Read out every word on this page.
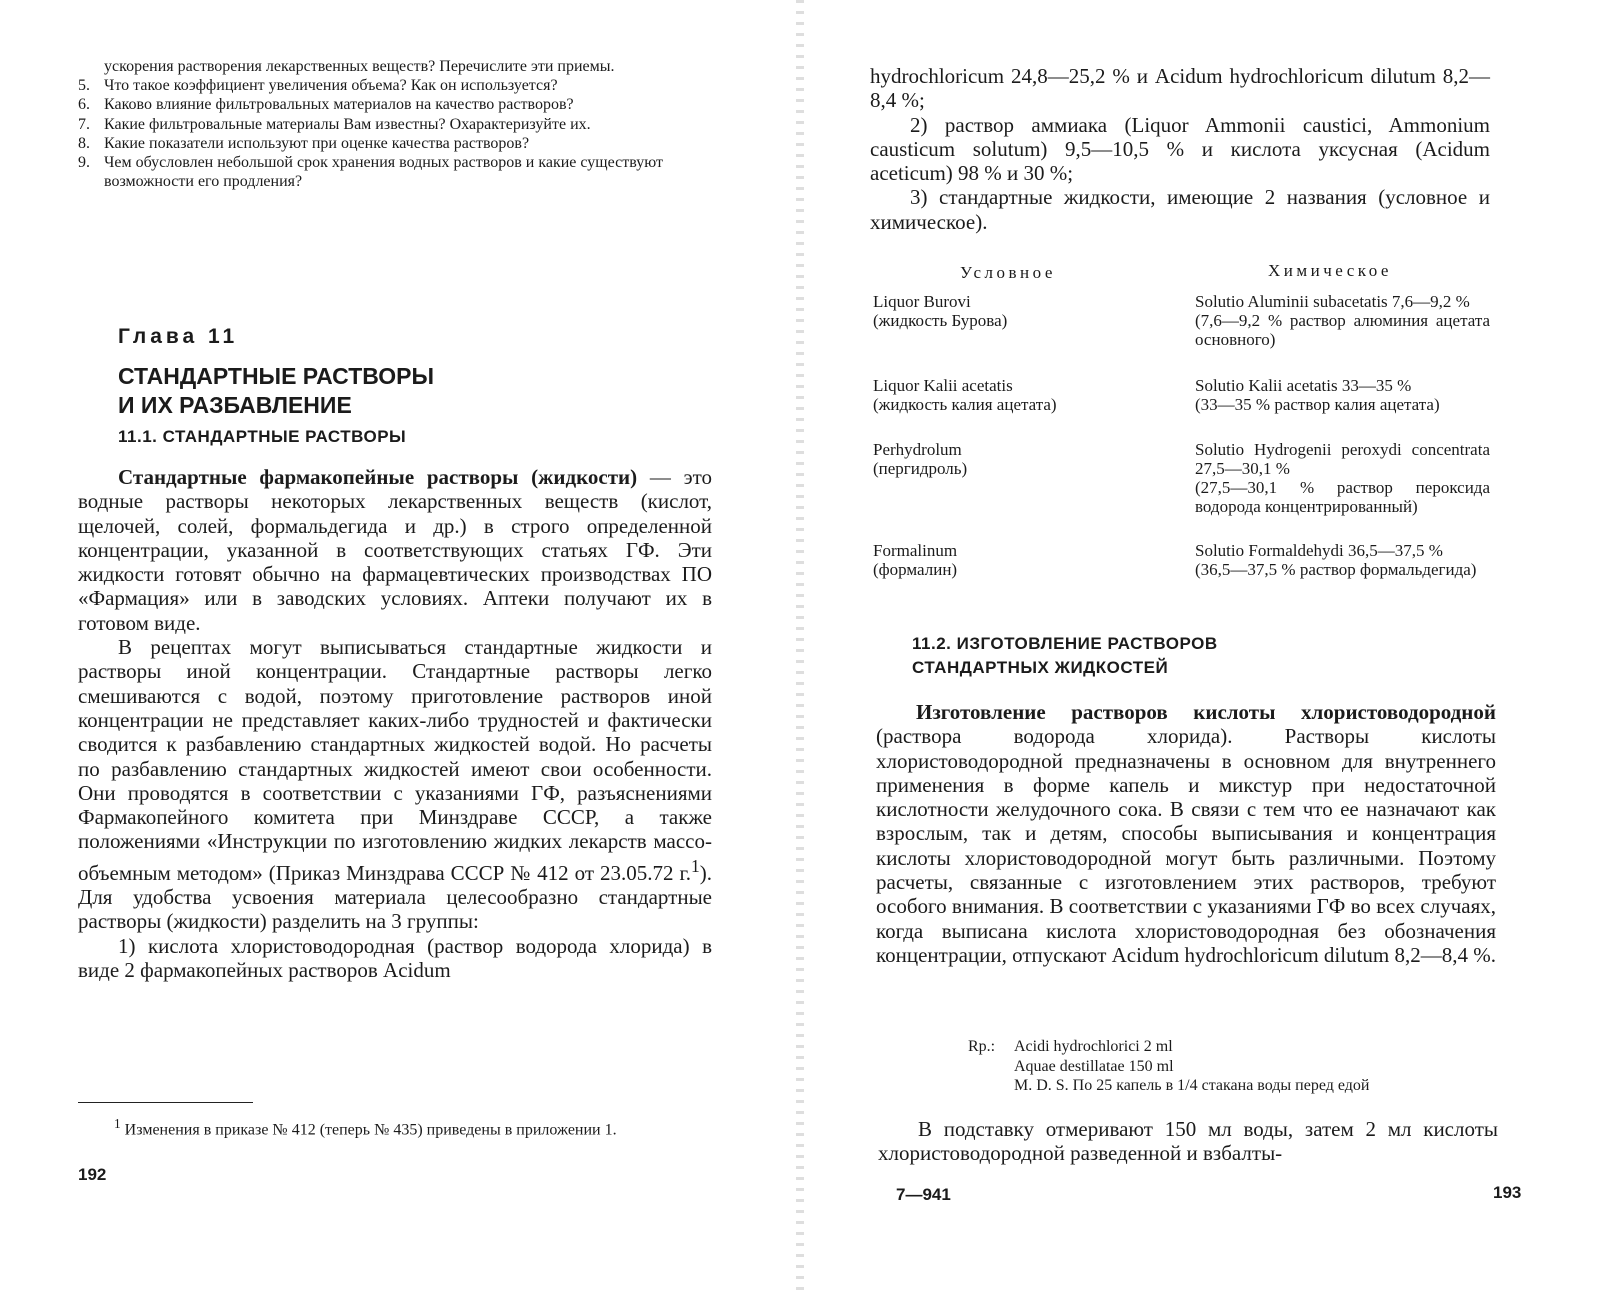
ускорения растворения лекарственных веществ? Перечислите эти приемы.
5. Что такое коэффициент увеличения объема? Как он используется?
6. Каково влияние фильтровальных материалов на качество растворов?
7. Какие фильтровальные материалы Вам известны? Охарактеризуйте их.
8. Какие показатели используют при оценке качества растворов?
9. Чем обусловлен небольшой срок хранения водных растворов и какие существуют возможности его продления?
Глава 11
СТАНДАРТНЫЕ РАСТВОРЫ
И ИХ РАЗБАВЛЕНИЕ
11.1. СТАНДАРТНЫЕ РАСТВОРЫ

Стандартные фармакопейные растворы (жидкости) — это водные растворы некоторых лекарственных веществ (кислот, щелочей, солей, формальдегида и др.) в строго определенной концентрации, указанной в соответствующих статьях ГФ. Эти жидкости готовят обычно на фармацевтических производствах ПО «Фармация» или в заводских условиях. Аптеки получают их в готовом виде.

В рецептах могут выписываться стандартные жидкости и растворы иной концентрации. Стандартные растворы легко смешиваются с водой, поэтому приготовление растворов иной концентрации не представляет каких-либо трудностей и фактически сводится к разбавлению стандартных жидкостей водой. Но расчеты по разбавлению стандартных жидкостей имеют свои особенности. Они проводятся в соответствии с указаниями ГФ, разъяснениями Фармакопейного комитета при Минздраве СССР, а также положениями «Инструкции по изготовлению жидких лекарств массо-объемным методом» (Приказ Минздрава СССР № 412 от 23.05.72 г.$^1$). Для удобства усвоения материала целесообразно стандартные растворы (жидкости) разделить на 3 группы:

1) кислота хлористоводородная (раствор водорода хлорида) в виде 2 фармакопейных растворов Acidum

$^1$ Изменения в приказе № 412 (теперь № 435) приведены в приложении 1.
192

hydrochloricum 24,8—25,2 % и Acidum hydrochloricum dilutum 8,2—8,4 %;

2) раствор аммиака (Liquor Ammonii caustici, Ammonium causticum solutum) 9,5—10,5 % и кислота уксусная (Acidum aceticum) 98 % и 30 %;

3) стандартные жидкости, имеющие 2 названия (условное и химическое).

Условное	Химическое
Liquor Burovi
(жидкость Бурова)
Solutio Aluminii subacetatis 7,6—9,2 %
(7,6—9,2 % раствор алюминия ацетата основного)
Liquor Kalii acetatis
(жидкость калия ацетата)
Solutio Kalii acetatis 33—35 %
(33—35 % раствор калия ацетата)
Perhydrolum
(пергидроль)
Solutio Hydrogenii peroxydi concentrata 27,5—30,1 %
(27,5—30,1 % раствор пероксида водорода концентрированный)
Formalinum
(формалин)
Solutio Formaldehydi 36,5—37,5 %
(36,5—37,5 % раствор формальдегида)
11.2. ИЗГОТОВЛЕНИЕ РАСТВОРОВ
СТАНДАРТНЫХ ЖИДКОСТЕЙ

Изготовление растворов кислоты хлористоводородной (раствора водорода хлорида). Растворы кислоты хлористоводородной предназначены в основном для внутреннего применения в форме капель и микстур при недостаточной кислотности желудочного сока. В связи с тем что ее назначают как взрослым, так и детям, способы выписывания и концентрация кислоты хлористоводородной могут быть различными. Поэтому расчеты, связанные с изготовлением этих растворов, требуют особого внимания. В соответствии с указаниями ГФ во всех случаях, когда выписана кислота хлористоводородная без обозначения концентрации, отпускают Acidum hydrochloricum dilutum 8,2—8,4 %.

Rp.: Acidi hydrochlorici 2 ml
Aquae destillatae 150 ml
M. D. S. По 25 капель в 1/4 стакана воды перед едой

В подставку отмеривают 150 мл воды, затем 2 мл кислоты хлористоводородной разведенной и взбалты-

7—941	193
